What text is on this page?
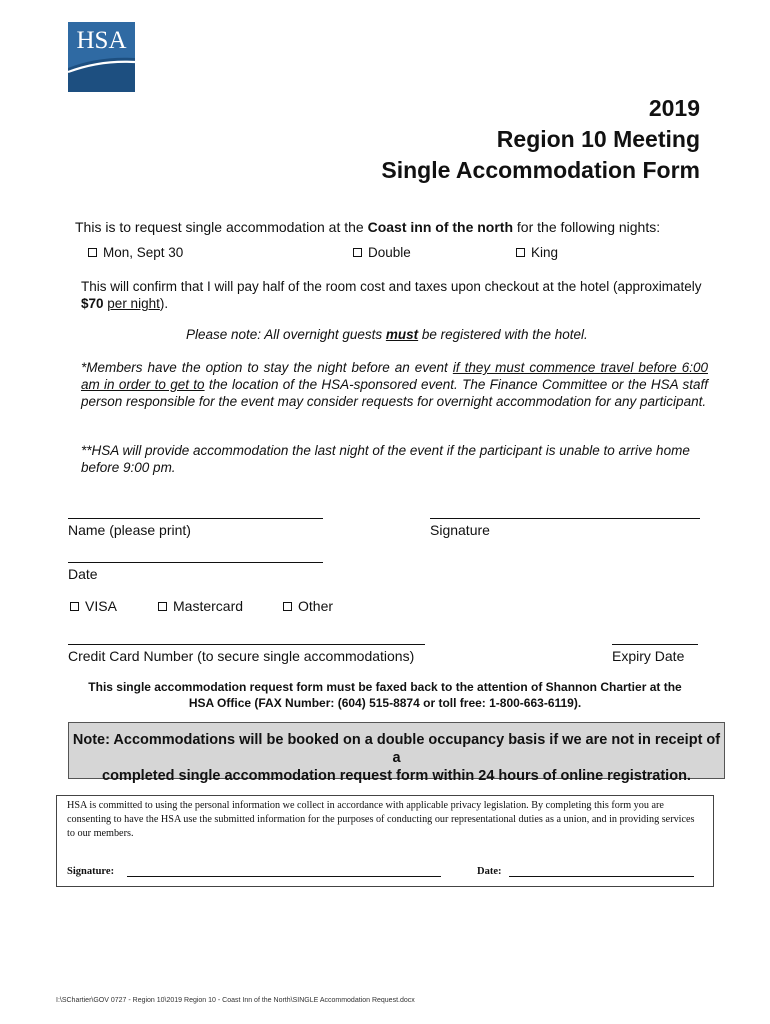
HSA
2019
Region 10 Meeting
Single Accommodation Form
This is to request single accommodation at the Coast inn of the north for the following nights:
Mon, Sept 30	Double	King
This will confirm that I will pay half of the room cost and taxes upon checkout at the hotel (approximately $70 per night).
Please note: All overnight guests must be registered with the hotel.
*Members have the option to stay the night before an event if they must commence travel before 6:00 am in order to get to the location of the HSA-sponsored event. The Finance Committee or the HSA staff person responsible for the event may consider requests for overnight accommodation for any participant.
**HSA will provide accommodation the last night of the event if the participant is unable to arrive home before 9:00 pm.
Name (please print)	Signature
Date
VISA	Mastercard	Other
Credit Card Number (to secure single accommodations)	Expiry Date
This single accommodation request form must be faxed back to the attention of Shannon Chartier at the
HSA Office (FAX Number: (604) 515-8874 or toll free: 1-800-663-6119).
Note: Accommodations will be booked on a double occupancy basis if we are not in receipt of a
completed single accommodation request form within 24 hours of online registration.
HSA is committed to using the personal information we collect in accordance with applicable privacy legislation. By completing this form you are consenting to have the HSA use the submitted information for the purposes of conducting our representational duties as a union, and in providing services to our members.
Signature:	Date:
I:\SChartier\GOV 0727 - Region 10\2019 Region 10 - Coast Inn of the North\SINGLE Accommodation Request.docx
